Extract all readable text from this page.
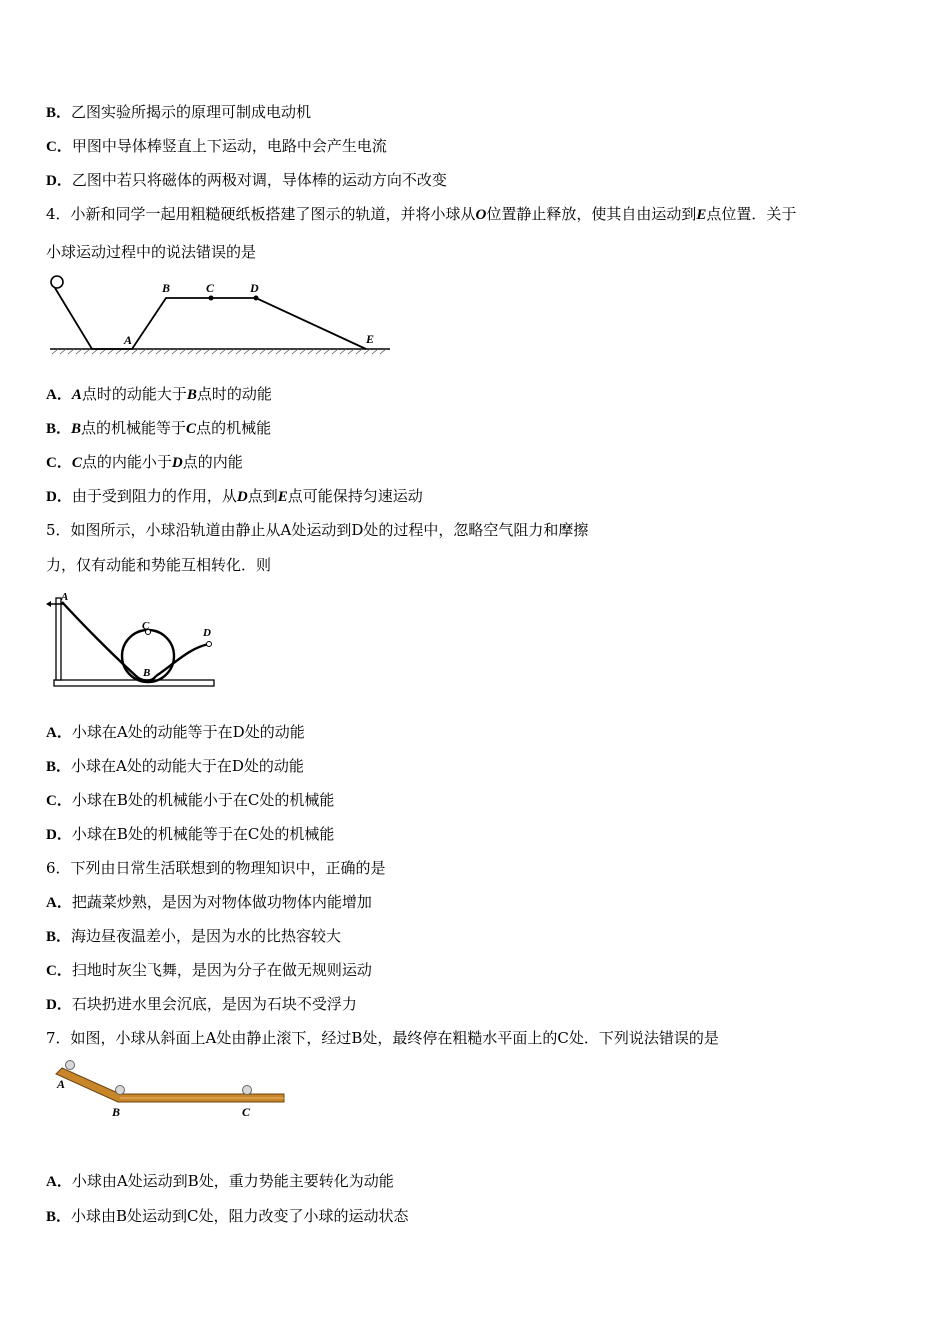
B．乙图实验所揭示的原理可制成电动机
C．甲图中导体棒竖直上下运动，电路中会产生电流
D．乙图中若只将磁体的两极对调，导体棒的运动方向不改变
4．小新和同学一起用粗糙硬纸板搭建了图示的轨道，并将小球从O位置静止释放，使其自由运动到E点位置．关于
小球运动过程中的说法错误的是
A
B	C	D
E
A．A点时的动能大于B点时的动能
B．B点的机械能等于C点的机械能
C．C点的内能小于D点的内能
D．由于受到阻力的作用，从D点到E点可能保持匀速运动
5．如图所示，小球沿轨道由静止从A处运动到D处的过程中，忽略空气阻力和摩擦
力，仅有动能和势能互相转化．则
A
B
C
D
A．小球在A处的动能等于在D处的动能
B．小球在A处的动能大于在D处的动能
C．小球在B处的机械能小于在C处的机械能
D．小球在B处的机械能等于在C处的机械能
6．下列由日常生活联想到的物理知识中，正确的是
A．把蔬菜炒熟，是因为对物体做功物体内能增加
B．海边昼夜温差小，是因为水的比热容较大
C．扫地时灰尘飞舞，是因为分子在做无规则运动
D．石块扔进水里会沉底，是因为石块不受浮力
7．如图，小球从斜面上A处由静止滚下，经过B处，最终停在粗糙水平面上的C处．下列说法错误的是
A
B	C
A．小球由A处运动到B处，重力势能主要转化为动能
B．小球由B处运动到C处，阻力改变了小球的运动状态
